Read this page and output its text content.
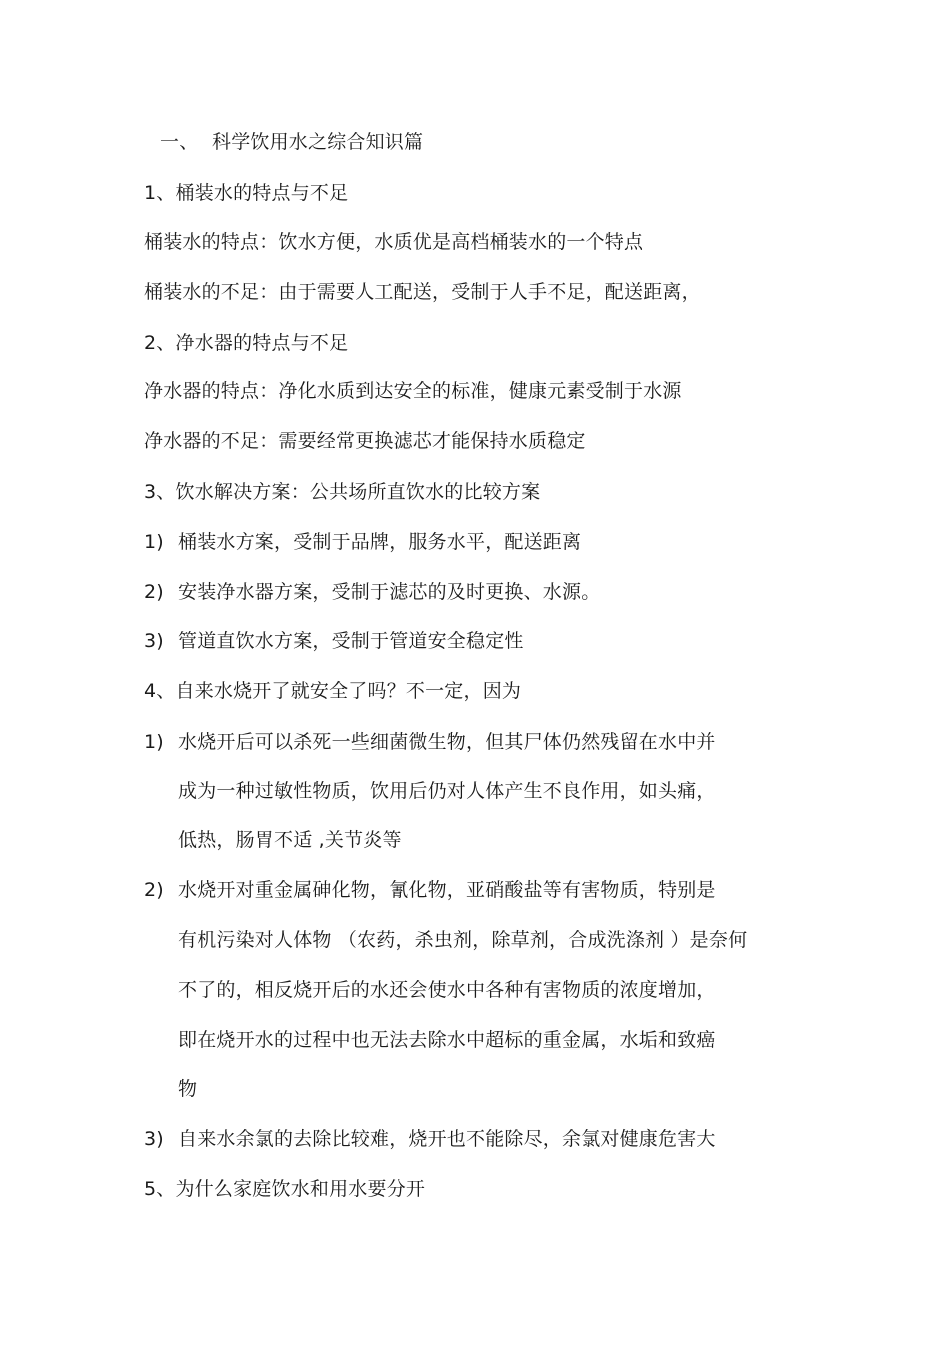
一、 科学饮用水之综合知识篇
1、桶装水的特点与不足
桶装水的特点：饮水方便，水质优是高档桶装水的一个特点
桶装水的不足：由于需要人工配送，受制于人手不足，配送距离，
2、净水器的特点与不足
净水器的特点：净化水质到达安全的标准，健康元素受制于水源
净水器的不足：需要经常更换滤芯才能保持水质稳定
3、饮水解决方案：公共场所直饮水的比较方案
1) 桶装水方案，受制于品牌，服务水平，配送距离
2) 安装净水器方案，受制于滤芯的及时更换、水源。
3) 管道直饮水方案，受制于管道安全稳定性
4、自来水烧开了就安全了吗？不一定，因为
1) 水烧开后可以杀死一些细菌微生物，但其尸体仍然残留在水中并
成为一种过敏性物质，饮用后仍对人体产生不良作用，如头痛，
低热，肠胃不适 ,关节炎等
2) 水烧开对重金属砷化物，氰化物，亚硝酸盐等有害物质，特别是
有机污染对人体物 （农药，杀虫剂，除草剂，合成洗涤剂 ）是奈何
不了的，相反烧开后的水还会使水中各种有害物质的浓度增加，
即在烧开水的过程中也无法去除水中超标的重金属，水垢和致癌
物
3) 自来水余氯的去除比较难，烧开也不能除尽，余氯对健康危害大
5、为什么家庭饮水和用水要分开
